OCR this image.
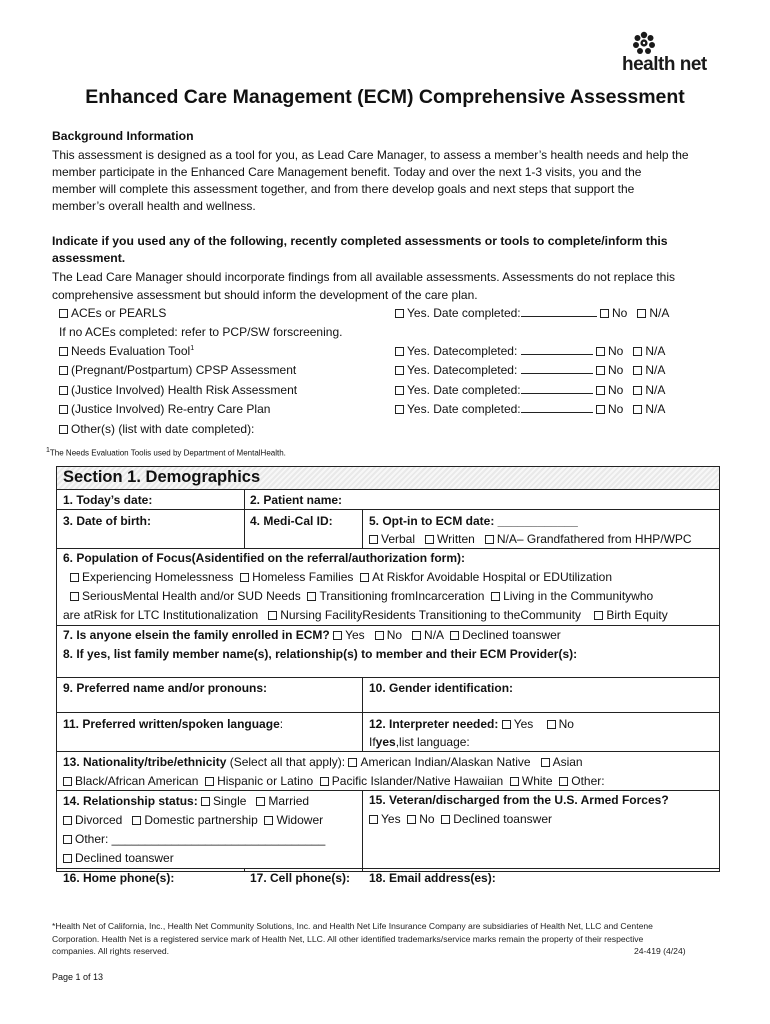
health net
Enhanced Care Management (ECM) Comprehensive Assessment
Background Information
This assessment is designed as a tool for you, as Lead Care Manager, to assess a member’s health needs and help the
member participate in the Enhanced Care Management benefit. Today and over the next 1-3 visits, you and the
member will complete this assessment together, and from there develop goals and next steps that support the
member’s overall health and wellness.
Indicate if you used any of the following, recently completed assessments or tools to complete/inform this
assessment.
The Lead Care Manager should incorporate findings from all available assessments. Assessments do not replace this
comprehensive assessment but should inform the development of the care plan.
ACEs or PEARLS	Yes. Date completed:	No N/A
If no ACEs completed: refer to PCP/SW forscreening.
Needs Evaluation Tool$^1$	Yes. Datecompleted:	No N/A
(Pregnant/Postpartum) CPSP Assessment	Yes. Datecompleted:	No N/A
(Justice Involved) Health Risk Assessment	Yes. Date completed:	No N/A
(Justice Involved) Re-entry Care Plan	Yes. Date completed:	No N/A
Other(s) (list with date completed):
$^1$The Needs Evaluation Toolis used by Department of MentalHealth.
Section 1. Demographics
1. Today’s date:	2. Patient name:
3. Date of birth:	4. Medi-Cal ID:	5. Opt-in to ECM date: ____________
Verbal Written N/A– Grandfathered from HHP/WPC
6. Population of Focus(Asidentified on the referral/authorization form):
Experiencing Homelessness Homeless Families At Riskfor Avoidable Hospital or EDUtilization
SeriousMental Health and/or SUD Needs Transitioning fromIncarceration Living in the Communitywho
are atRisk for LTC Institutionalization Nursing FacilityResidents Transitioning to theCommunity Birth Equity
7. Is anyone elsein the family enrolled in ECM? Yes No N/A Declined toanswer
8. If yes, list family member name(s), relationship(s) to member and their ECM Provider(s):
9. Preferred name and/or pronouns:	10. Gender identification:
11. Preferred written/spoken language:	12. Interpreter needed: Yes No
Ifyes,list language:
13. Nationality/tribe/ethnicity (Select all that apply): American Indian/Alaskan Native Asian
Black/African American Hispanic or Latino Pacific Islander/Native Hawaiian White Other:
14. Relationship status: Single Married
Divorced Domestic partnership Widower
Other: ________________________________
Declined toanswer
15. Veteran/discharged from the U.S. Armed Forces?
Yes No Declined toanswer
16. Home phone(s):	17. Cell phone(s): 18. Email address(es):
*Health Net of California, Inc., Health Net Community Solutions, Inc. and Health Net Life Insurance Company are subsidiaries of Health Net, LLC and Centene
Corporation. Health Net is a registered service mark of Health Net, LLC. All other identified trademarks/service marks remain the property of their respective
companies. All rights reserved.	24-419 (4/24)
Page 1 of 13
